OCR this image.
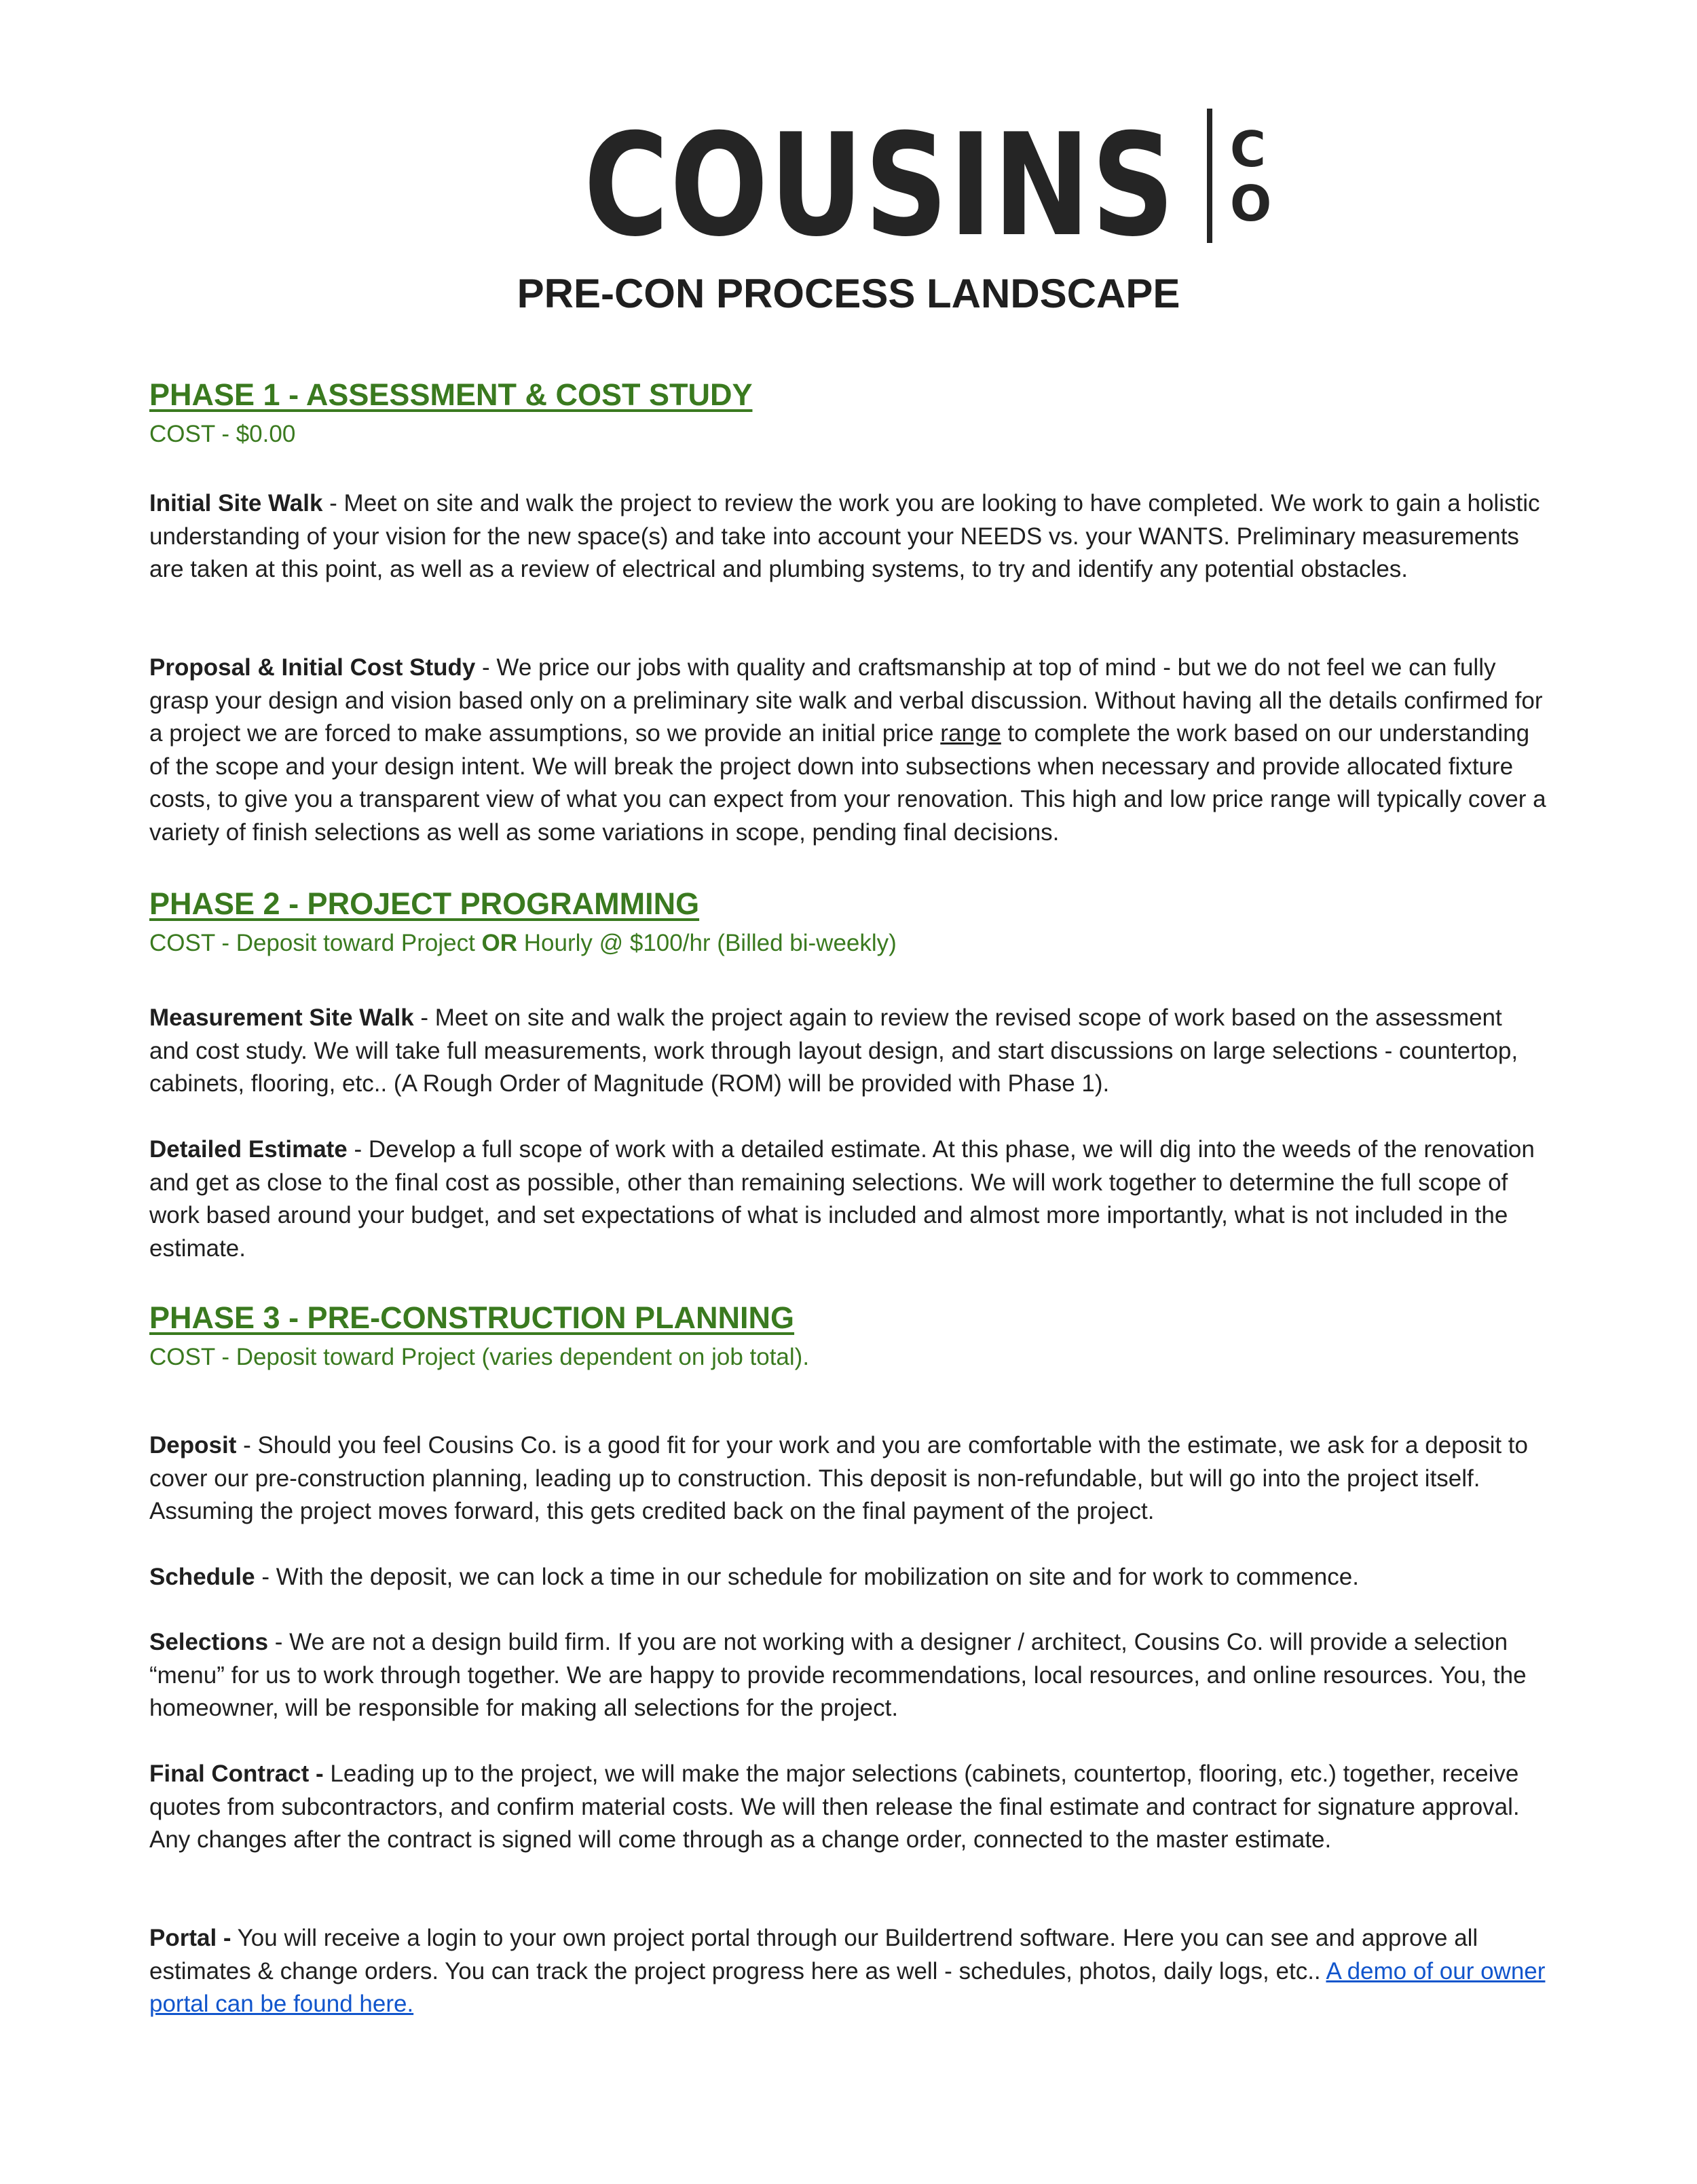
COUSINS C
O
PRE-CON PROCESS LANDSCAPE
PHASE 1 - ASSESSMENT & COST STUDY

COST - $0.00

Initial Site Walk - Meet on site and walk the project to review the work you are looking to have completed. We work to gain a holistic understanding of your vision for the new space(s) and take into account your NEEDS vs. your WANTS. Preliminary measurements are taken at this point, as well as a review of electrical and plumbing systems, to try and identify any potential obstacles.

Proposal & Initial Cost Study - We price our jobs with quality and craftsmanship at top of mind - but we do not feel we can fully grasp your design and vision based only on a preliminary site walk and verbal discussion. Without having all the details confirmed for a project we are forced to make assumptions, so we provide an initial price range to complete the work based on our understanding of the scope and your design intent. We will break the project down into subsections when necessary and provide allocated fixture costs, to give you a transparent view of what you can expect from your renovation. This high and low price range will typically cover a variety of finish selections as well as some variations in scope, pending final decisions.

PHASE 2 - PROJECT PROGRAMMING

COST - Deposit toward Project OR Hourly @ $100/hr (Billed bi-weekly)

Measurement Site Walk - Meet on site and walk the project again to review the revised scope of work based on the assessment and cost study. We will take full measurements, work through layout design, and start discussions on large selections - countertop, cabinets, flooring, etc.. (A Rough Order of Magnitude (ROM) will be provided with Phase 1).

Detailed Estimate - Develop a full scope of work with a detailed estimate. At this phase, we will dig into the weeds of the renovation and get as close to the final cost as possible, other than remaining selections. We will work together to determine the full scope of work based around your budget, and set expectations of what is included and almost more importantly, what is not included in the estimate.

PHASE 3 - PRE-CONSTRUCTION PLANNING

COST - Deposit toward Project (varies dependent on job total).

Deposit - Should you feel Cousins Co. is a good fit for your work and you are comfortable with the estimate, we ask for a deposit to cover our pre-construction planning, leading up to construction. This deposit is non-refundable, but will go into the project itself. Assuming the project moves forward, this gets credited back on the final payment of the project.

Schedule - With the deposit, we can lock a time in our schedule for mobilization on site and for work to commence.

Selections - We are not a design build firm. If you are not working with a designer / architect, Cousins Co. will provide a selection “menu” for us to work through together. We are happy to provide recommendations, local resources, and online resources. You, the homeowner, will be responsible for making all selections for the project.

Final Contract - Leading up to the project, we will make the major selections (cabinets, countertop, flooring, etc.) together, receive quotes from subcontractors, and confirm material costs. We will then release the final estimate and contract for signature approval. Any changes after the contract is signed will come through as a change order, connected to the master estimate.

Portal - You will receive a login to your own project portal through our Buildertrend software. Here you can see and approve all estimates & change orders. You can track the project progress here as well - schedules, photos, daily logs, etc.. A demo of our owner portal can be found here.
